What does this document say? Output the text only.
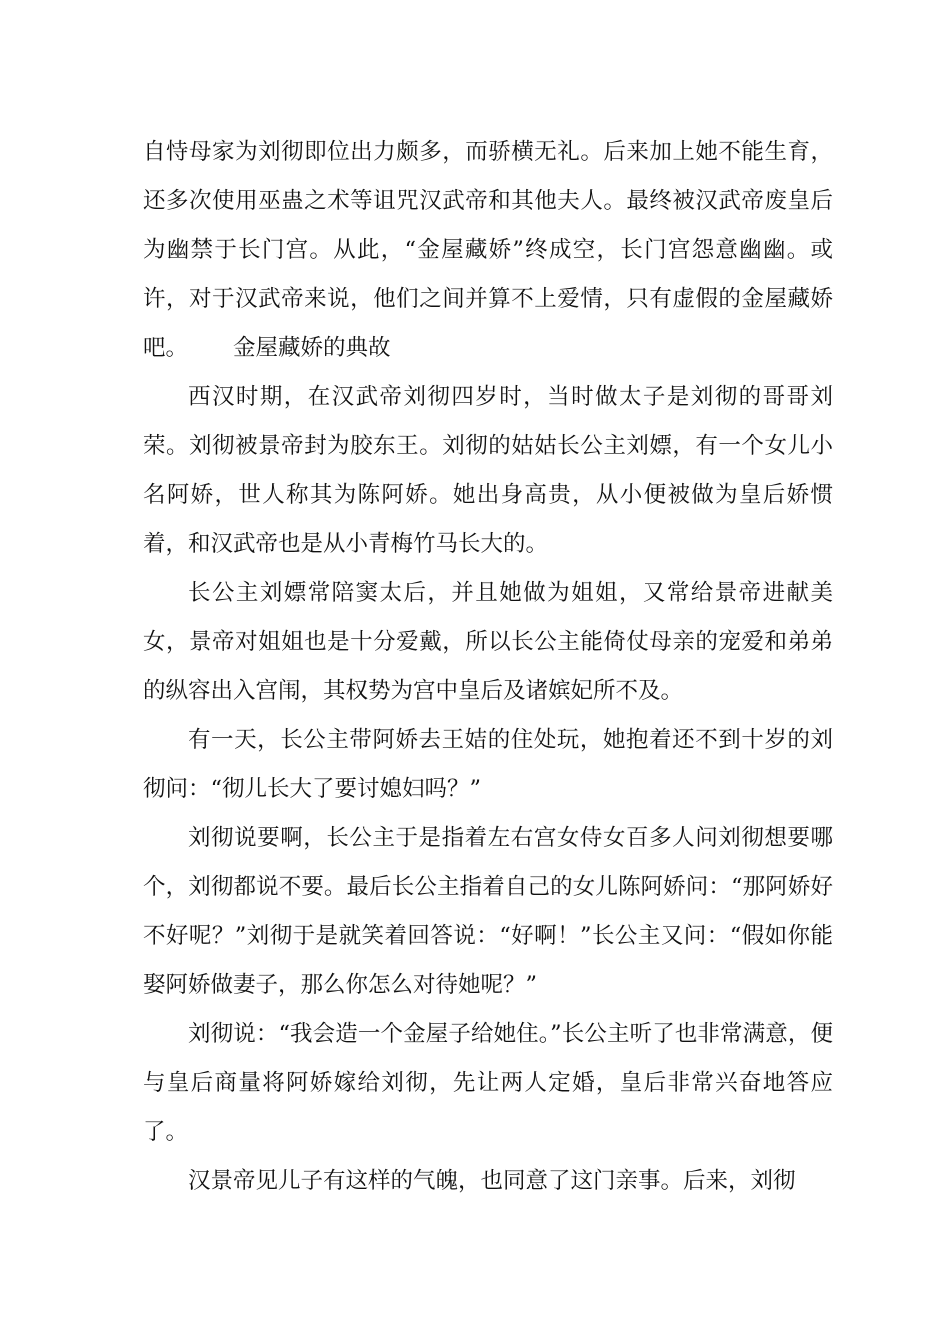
自恃母家为刘彻即位出力颇多，而骄横无礼。后来加上她不能生育，还多次使用巫蛊之术等诅咒汉武帝和其他夫人。最终被汉武帝废皇后为幽禁于长门宫。从此，“金屋藏娇”终成空，长门宫怨意幽幽。或许，对于汉武帝来说，他们之间并算不上爱情，只有虚假的金屋藏娇吧。 金屋藏娇的典故

西汉时期，在汉武帝刘彻四岁时，当时做太子是刘彻的哥哥刘荣。刘彻被景帝封为胶东王。刘彻的姑姑长公主刘嫖，有一个女儿小名阿娇，世人称其为陈阿娇。她出身高贵，从小便被做为皇后娇惯着，和汉武帝也是从小青梅竹马长大的。

长公主刘嫖常陪窦太后，并且她做为姐姐，又常给景帝进献美女，景帝对姐姐也是十分爱戴，所以长公主能倚仗母亲的宠爱和弟弟的纵容出入宫闱，其权势为宫中皇后及诸嫔妃所不及。

有一天，长公主带阿娇去王姞的住处玩，她抱着还不到十岁的刘彻问：“彻儿长大了要讨媳妇吗？”

刘彻说要啊，长公主于是指着左右宫女侍女百多人问刘彻想要哪个，刘彻都说不要。最后长公主指着自己的女儿陈阿娇问：“那阿娇好不好呢？”刘彻于是就笑着回答说：“好啊！”长公主又问：“假如你能娶阿娇做妻子，那么你怎么对待她呢？”

刘彻说：“我会造一个金屋子给她住。”长公主听了也非常满意，便与皇后商量将阿娇嫁给刘彻，先让两人定婚，皇后非常兴奋地答应了。

汉景帝见儿子有这样的气魄，也同意了这门亲事。后来，刘彻
